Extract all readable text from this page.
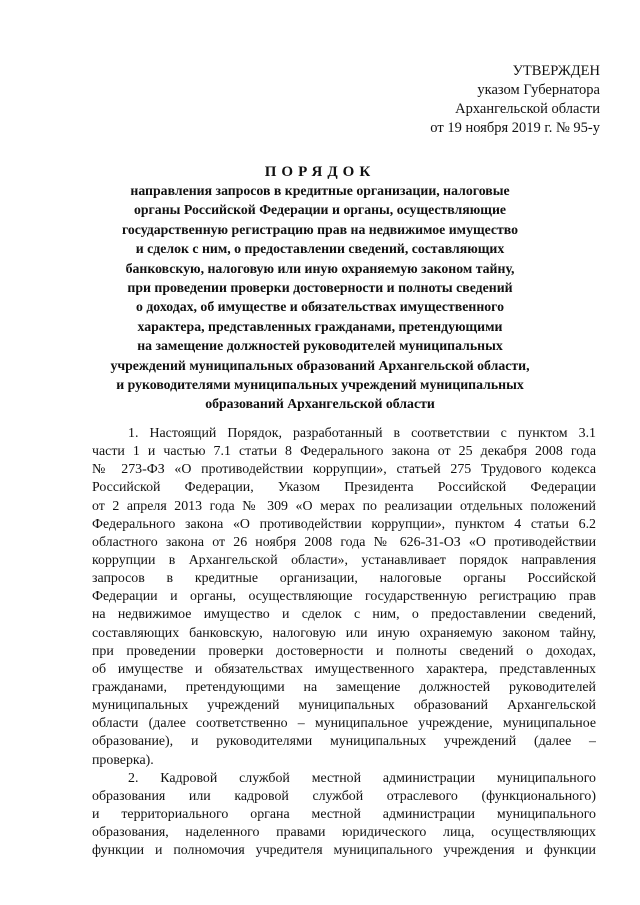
УТВЕРЖДЕН
указом Губернатора
Архангельской области
от 19 ноября 2019 г. № 95-у
ПОРЯДОК
направления запросов в кредитные организации, налоговые
органы Российской Федерации и органы, осуществляющие
государственную регистрацию прав на недвижимое имущество
и сделок с ним, о предоставлении сведений, составляющих
банковскую, налоговую или иную охраняемую законом тайну,
при проведении проверки достоверности и полноты сведений
о доходах, об имуществе и обязательствах имущественного
характера, представленных гражданами, претендующими
на замещение должностей руководителей муниципальных
учреждений муниципальных образований Архангельской области,
и руководителями муниципальных учреждений муниципальных
образований Архангельской области
1. Настоящий Порядок, разработанный в соответствии с пунктом 3.1
части 1 и частью 7.1 статьи 8 Федерального закона от 25 декабря 2008 года
№ 273-ФЗ «О противодействии коррупции», статьей 275 Трудового кодекса
Российской Федерации, Указом Президента Российской Федерации
от 2 апреля 2013 года № 309 «О мерах по реализации отдельных положений
Федерального закона «О противодействии коррупции», пунктом 4 статьи 6.2
областного закона от 26 ноября 2008 года № 626-31-ОЗ «О противодействии
коррупции в Архангельской области», устанавливает порядок направления
запросов в кредитные организации, налоговые органы Российской
Федерации и органы, осуществляющие государственную регистрацию прав
на недвижимое имущество и сделок с ним, о предоставлении сведений,
составляющих банковскую, налоговую или иную охраняемую законом тайну,
при проведении проверки достоверности и полноты сведений о доходах,
об имуществе и обязательствах имущественного характера, представленных
гражданами, претендующими на замещение должностей руководителей
муниципальных учреждений муниципальных образований Архангельской
области (далее соответственно – муниципальное учреждение, муниципальное
образование), и руководителями муниципальных учреждений (далее –
проверка).
2. Кадровой службой местной администрации муниципального
образования или кадровой службой отраслевого (функционального)
и территориального органа местной администрации муниципального
образования, наделенного правами юридического лица, осуществляющих
функции и полномочия учредителя муниципального учреждения и функции
